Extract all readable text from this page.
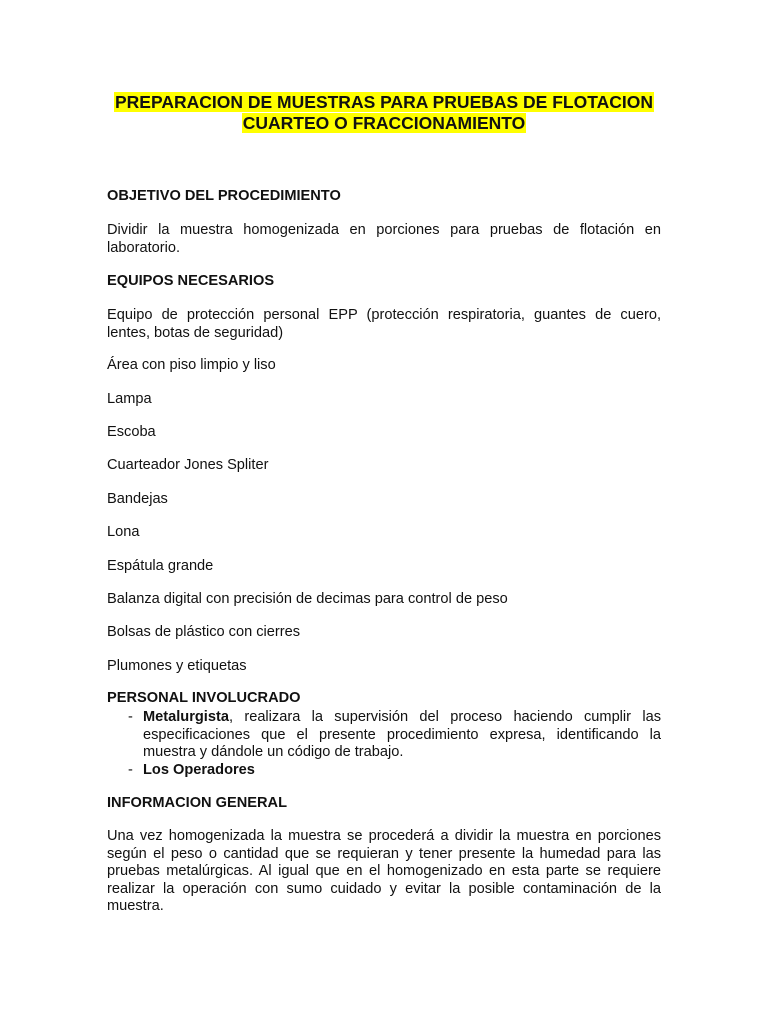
PREPARACION DE MUESTRAS PARA PRUEBAS DE FLOTACION
CUARTEO O FRACCIONAMIENTO
OBJETIVO DEL PROCEDIMIENTO
Dividir la muestra homogenizada en porciones para pruebas de flotación en laboratorio.
EQUIPOS NECESARIOS
Equipo de protección personal EPP (protección respiratoria, guantes de cuero, lentes, botas de seguridad)
Área con piso limpio y liso
Lampa
Escoba
Cuarteador Jones Spliter
Bandejas
Lona
Espátula grande
Balanza digital con precisión de decimas para control de peso
Bolsas de plástico con cierres
Plumones y etiquetas
PERSONAL INVOLUCRADO
- Metalurgista, realizara la supervisión del proceso haciendo cumplir las especificaciones que el presente procedimiento expresa, identificando la muestra y dándole un código de trabajo.
- Los Operadores
INFORMACION GENERAL
Una vez homogenizada la muestra se procederá a dividir la muestra en porciones según el peso o cantidad que se requieran y tener presente la humedad para las pruebas metalúrgicas. Al igual que en el homogenizado en esta parte se requiere realizar la operación con sumo cuidado y evitar la posible contaminación de la muestra.
